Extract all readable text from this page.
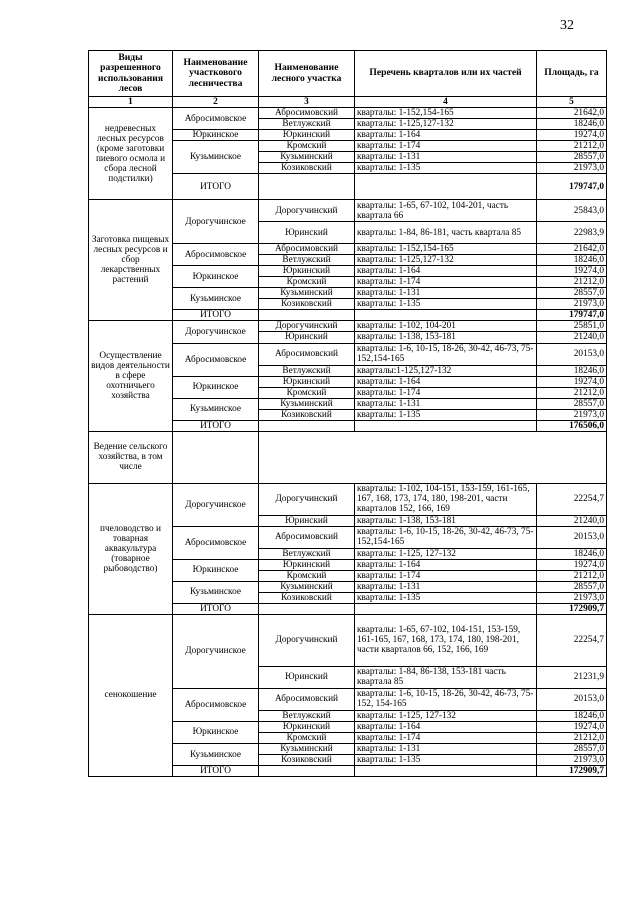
32
Виды разрешенного использования лесов	Наименование участкового лесничества	Наименование лесного участка	Перечень кварталов или их частей	Площадь, га
1	2	3	4	5
недревесных лесных ресурсов (кроме заготовки пиевого осмола и сбора лесной подстилки)	Абросимовское	Абросимовский	кварталы: 1-152,154-165	21642,0
		Ветлужский	кварталы: 1-125,127-132	18246,0
	Юркинское	Юркинский	кварталы: 1-164	19274,0
	Кузьминское	Кромский	кварталы: 1-174	21212,0
		Кузьминский	кварталы: 1-131	28557,0
		Козиковский	кварталы: 1-135	21973,0
	ИТОГО			179747,0
Заготовка пищевых лесных ресурсов и сбор лекарственных растений	Дорогучинское	Дорогучинский	кварталы: 1-65, 67-102, 104-201, часть квартала 66	25843,0
		Юринский	кварталы: 1-84, 86-181, часть квартала 85	22983,9
	Абросимовское	Абросимовский	кварталы: 1-152,154-165	21642,0
		Ветлужский	кварталы: 1-125,127-132	18246,0
	Юркинское	Юркинский	кварталы: 1-164	19274,0
		Кромский	кварталы: 1-174	21212,0
	Кузьминское	Кузьминский	кварталы: 1-131	28557,0
		Козиковский	кварталы: 1-135	21973,0
	ИТОГО			179747,0
Осуществление видов деятельности в сфере охотничьего хозяйства	Дорогучинское	Дорогучинский	кварталы: 1-102, 104-201	25851,0
		Юринский	кварталы: 1-138, 153-181	21240,0
	Абросимовское	Абросимовский	кварталы: 1-6, 10-15, 18-26, 30-42, 46-73, 75-152,154-165	20153,0
		Ветлужский	кварталы:1-125,127-132	18246,0
	Юркинское	Юркинский	кварталы: 1-164	19274,0
		Кромский	кварталы: 1-174	21212,0
	Кузьминское	Кузьминский	кварталы: 1-131	28557,0
		Козиковский	кварталы: 1-135	21973,0
	ИТОГО			176506,0
Ведение сельского хозяйства, в том числе				
пчеловодство и товарная аквакультура (товарное рыбоводство)	Дорогучинское	Дорогучинский	кварталы: 1-102, 104-151, 153-159, 161-165, 167, 168, 173, 174, 180, 198-201, части кварталов 152, 166, 169	22254,7
		Юринский	кварталы: 1-138, 153-181	21240,0
	Абросимовское	Абросимовский	кварталы: 1-6, 10-15, 18-26, 30-42, 46-73, 75-152,154-165	20153,0
		Ветлужский	кварталы: 1-125, 127-132	18246,0
	Юркинское	Юркинский	кварталы: 1-164	19274,0
		Кромский	кварталы: 1-174	21212,0
	Кузьминское	Кузьминский	кварталы: 1-131	28557,0
		Козиковский	кварталы: 1-135	21973,0
	ИТОГО			172909,7
сенокошение	Дорогучинское	Дорогучинский	кварталы: 1-65, 67-102, 104-151, 153-159, 161-165, 167, 168, 173, 174, 180, 198-201, части кварталов 66, 152, 166, 169	22254,7
		Юринский	кварталы: 1-84, 86-138, 153-181 часть квартала 85	21231,9
	Абросимовское	Абросимовский	кварталы: 1-6, 10-15, 18-26, 30-42, 46-73, 75-152, 154-165	20153,0
		Ветлужский	кварталы: 1-125, 127-132	18246,0
	Юркинское	Юркинский	кварталы: 1-164	19274,0
		Кромский	кварталы: 1-174	21212,0
	Кузьминское	Кузьминский	кварталы: 1-131	28557,0
		Козиковский	кварталы: 1-135	21973,0
	ИТОГО			172909,7
